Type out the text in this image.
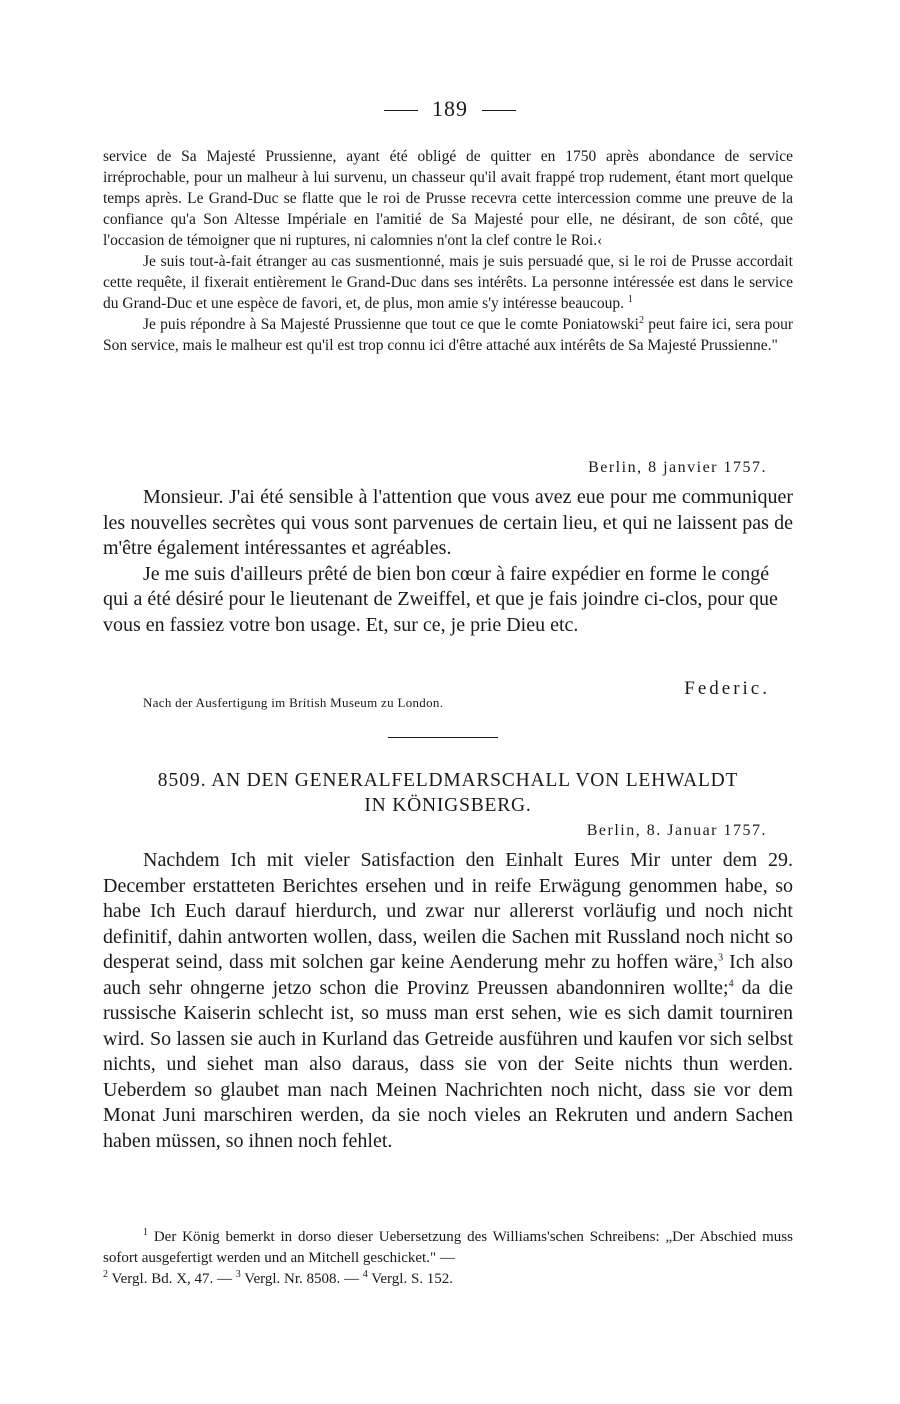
189

service de Sa Majesté Prussienne, ayant été obligé de quitter en 1750 après abondance de service irréprochable, pour un malheur à lui survenu, un chasseur qu'il avait frappé trop rudement, étant mort quelque temps après. Le Grand-Duc se flatte que le roi de Prusse recevra cette intercession comme une preuve de la confiance qu'a Son Altesse Impériale en l'amitié de Sa Majesté pour elle, ne désirant, de son côté, que l'occasion de témoigner que ni ruptures, ni calomnies n'ont la clef contre le Roi.‹

Je suis tout-à-fait étranger au cas susmentionné, mais je suis persuadé que, si le roi de Prusse accordait cette requête, il fixerait entièrement le Grand-Duc dans ses intérêts. La personne intéressée est dans le service du Grand-Duc et une espèce de favori, et, de plus, mon amie s'y intéresse beaucoup. $^1$

Je puis répondre à Sa Majesté Prussienne que tout ce que le comte Poniatowski$^2$ peut faire ici, sera pour Son service, mais le malheur est qu'il est trop connu ici d'être attaché aux intérêts de Sa Majesté Prussienne."

Berlin, 8 janvier 1757.

Monsieur. J'ai été sensible à l'attention que vous avez eue pour me communiquer les nouvelles secrètes qui vous sont parvenues de certain lieu, et qui ne laissent pas de m'être également intéressantes et agréables.

Je me suis d'ailleurs prêté de bien bon cœur à faire expédier en forme le congé qui a été désiré pour le lieutenant de Zweiffel, et que je fais joindre ci-clos, pour que vous en fassiez votre bon usage. Et, sur ce, je prie Dieu etc.

Federic.
Nach der Ausfertigung im British Museum zu London.
8509. AN DEN GENERALFELDMARSCHALL VON LEHWALDT
IN KÖNIGSBERG.
Berlin, 8. Januar 1757.

Nachdem Ich mit vieler Satisfaction den Einhalt Eures Mir unter dem 29. December erstatteten Berichtes ersehen und in reife Erwägung genommen habe, so habe Ich Euch darauf hierdurch, und zwar nur allererst vorläufig und noch nicht definitif, dahin antworten wollen, dass, weilen die Sachen mit Russland noch nicht so desperat seind, dass mit solchen gar keine Aenderung mehr zu hoffen wäre,$^3$ Ich also auch sehr ohngerne jetzo schon die Provinz Preussen abandonniren wollte;$^4$ da die russische Kaiserin schlecht ist, so muss man erst sehen, wie es sich damit tourniren wird. So lassen sie auch in Kurland das Getreide ausführen und kaufen vor sich selbst nichts, und siehet man also daraus, dass sie von der Seite nichts thun werden. Ueberdem so glaubet man nach Meinen Nachrichten noch nicht, dass sie vor dem Monat Juni marschiren werden, da sie noch vieles an Rekruten und andern Sachen haben müssen, so ihnen noch fehlet.

$^1$ Der König bemerkt in dorso dieser Uebersetzung des Williams'schen Schreibens: „Der Abschied muss sofort ausgefertigt werden und an Mitchell geschicket." —

$^2$ Vergl. Bd. X, 47. — $^3$ Vergl. Nr. 8508. — $^4$ Vergl. S. 152.
